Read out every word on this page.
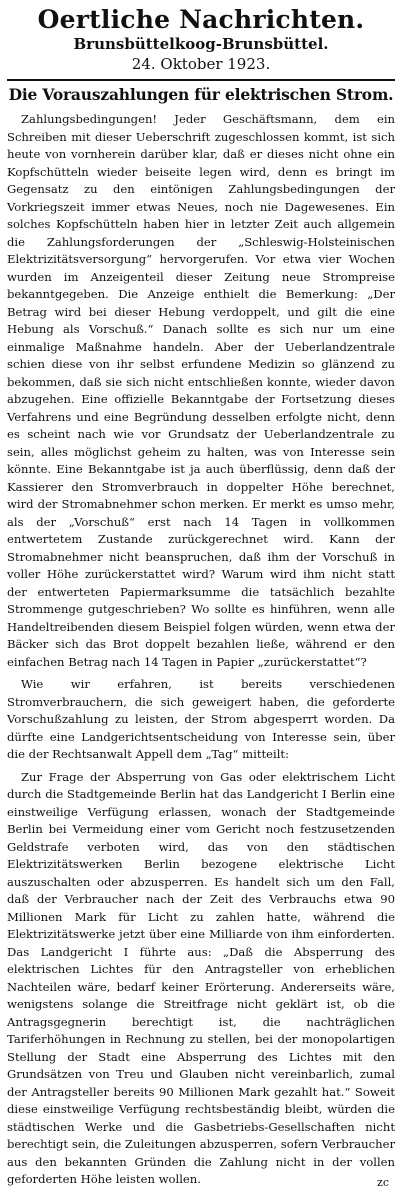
Oertliche Nachrichten.
Brunsbüttelkoog-Brunsbüttel.
24. Oktober 1923.
Die Vorauszahlungen für elektrischen Strom.

Zahlungsbedingungen! Jeder Geschäftsmann, dem ein Schreiben mit dieser Ueberschrift zugeschlossen kommt, ist sich heute von vornherein darüber klar, daß er dieses nicht ohne ein Kopfschütteln wieder beiseite legen wird, denn es bringt im Gegensatz zu den eintönigen Zahlungsbedingungen der Vorkriegszeit immer etwas Neues, noch nie Dagewesenes. Ein solches Kopfschütteln haben hier in letzter Zeit auch allgemein die Zahlungsforderungen der „Schleswig-Holsteinischen Elektrizitätsversorgung“ hervorgerufen. Vor etwa vier Wochen wurden im Anzeigenteil dieser Zeitung neue Strompreise bekanntgegeben. Die Anzeige enthielt die Bemerkung: „Der Betrag wird bei dieser Hebung verdoppelt, und gilt die eine Hebung als Vorschuß.“ Danach sollte es sich nur um eine einmalige Maßnahme handeln. Aber der Ueberlandzentrale schien diese von ihr selbst erfundene Medizin so glänzend zu bekommen, daß sie sich nicht entschließen konnte, wieder davon abzugehen. Eine offizielle Bekanntgabe der Fortsetzung dieses Verfahrens und eine Begründung desselben erfolgte nicht, denn es scheint nach wie vor Grundsatz der Ueberlandzentrale zu sein, alles möglichst geheim zu halten, was von Interesse sein könnte. Eine Bekanntgabe ist ja auch überflüssig, denn daß der Kassierer den Stromverbrauch in doppelter Höhe berechnet, wird der Stromabnehmer schon merken. Er merkt es umso mehr, als der „Vorschuß“ erst nach 14 Tagen in vollkommen entwertetem Zustande zurückgerechnet wird. Kann der Stromabnehmer nicht beanspruchen, daß ihm der Vorschuß in voller Höhe zurückerstattet wird? Warum wird ihm nicht statt der entwerteten Papiermarksumme die tatsächlich bezahlte Strommenge gutgeschrieben? Wo sollte es hinführen, wenn alle Handeltreibenden diesem Beispiel folgen würden, wenn etwa der Bäcker sich das Brot doppelt bezahlen ließe, während er den einfachen Betrag nach 14 Tagen in Papier „zurückerstattet“?

Wie wir erfahren, ist bereits verschiedenen Stromverbrauchern, die sich geweigert haben, die geforderte Vorschußzahlung zu leisten, der Strom abgesperrt worden. Da dürfte eine Landgerichtsentscheidung von Interesse sein, über die der Rechtsanwalt Appell dem „Tag“ mitteilt:

Zur Frage der Absperrung von Gas oder elektrischem Licht durch die Stadtgemeinde Berlin hat das Landgericht I Berlin eine einstweilige Verfügung erlassen, wonach der Stadtgemeinde Berlin bei Vermeidung einer vom Gericht noch festzusetzenden Geldstrafe verboten wird, das von den städtischen Elektrizitätswerken Berlin bezogene elektrische Licht auszuschalten oder abzusperren. Es handelt sich um den Fall, daß der Verbraucher nach der Zeit des Verbrauchs etwa 90 Millionen Mark für Licht zu zahlen hatte, während die Elektrizitätswerke jetzt über eine Milliarde von ihm einforderten. Das Landgericht I führte aus: „Daß die Absperrung des elektrischen Lichtes für den Antragsteller von erheblichen Nachteilen wäre, bedarf keiner Erörterung. Andererseits wäre, wenigstens solange die Streitfrage nicht geklärt ist, ob die Antragsgegnerin berechtigt ist, die nachträglichen Tariferhöhungen in Rechnung zu stellen, bei der monopolartigen Stellung der Stadt eine Absperrung des Lichtes mit den Grundsätzen von Treu und Glauben nicht vereinbarlich, zumal der Antragsteller bereits 90 Millionen Mark gezahlt hat.“ Soweit diese einstweilige Verfügung rechtsbeständig bleibt, würden die städtischen Werke und die Gasbetriebs-Gesellschaften nicht berechtigt sein, die Zuleitungen abzusperren, sofern Verbraucher aus den bekannten Gründen die Zahlung nicht in der vollen geforderten Höhe leisten wollen.	zc
